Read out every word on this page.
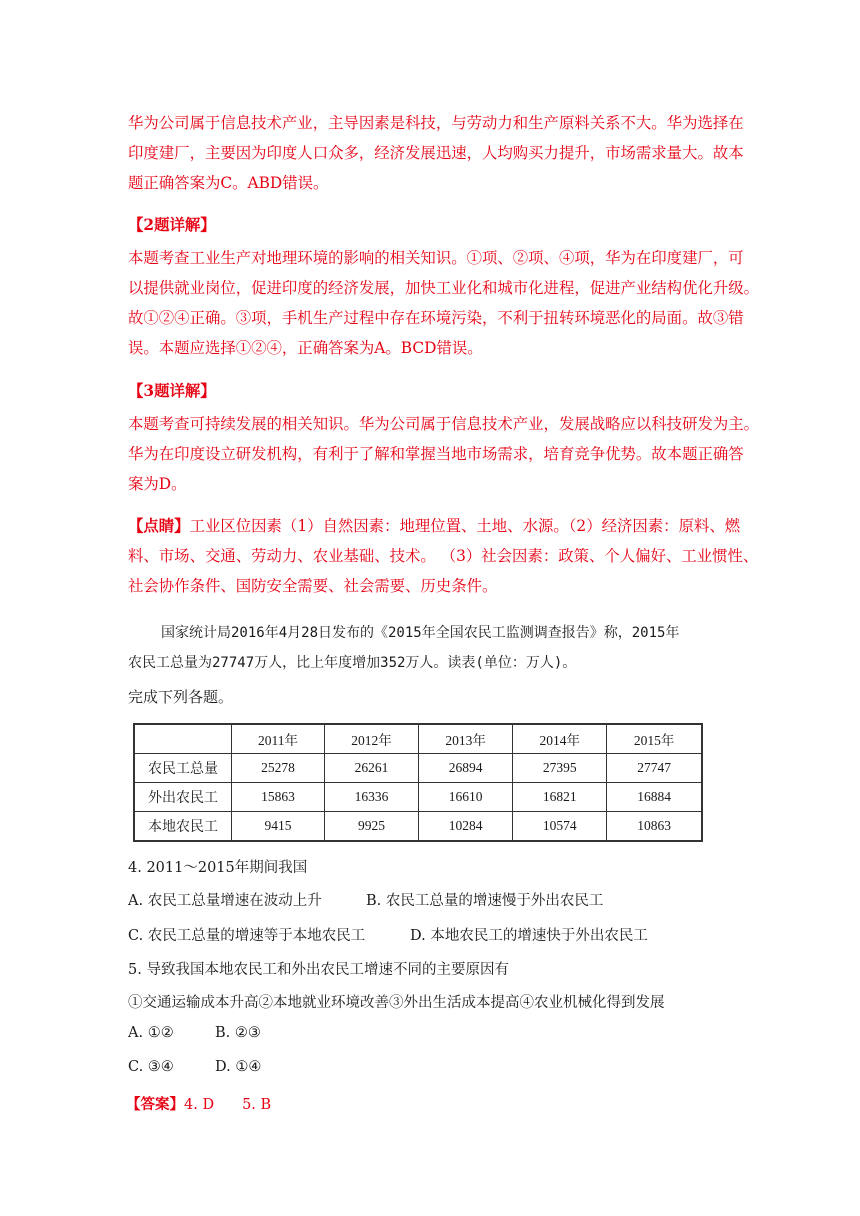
华为公司属于信息技术产业，主导因素是科技，与劳动力和生产原料关系不大。华为选择在
印度建厂，主要因为印度人口众多，经济发展迅速，人均购买力提升，市场需求量大。故本
题正确答案为C。ABD错误。
【2题详解】
本题考查工业生产对地理环境的影响的相关知识。①项、②项、④项，华为在印度建厂，可
以提供就业岗位，促进印度的经济发展，加快工业化和城市化进程，促进产业结构优化升级。
故①②④正确。③项，手机生产过程中存在环境污染，不利于扭转环境恶化的局面。故③错
误。本题应选择①②④，正确答案为A。BCD错误。
【3题详解】
本题考查可持续发展的相关知识。华为公司属于信息技术产业，发展战略应以科技研发为主。
华为在印度设立研发机构，有利于了解和掌握当地市场需求，培育竞争优势。故本题正确答
案为D。
【点睛】工业区位因素（1）自然因素：地理位置、土地、水源。（2）经济因素：原料、燃
料、市场、交通、劳动力、农业基础、技术。 （3）社会因素：政策、个人偏好、工业惯性、
社会协作条件、国防安全需要、社会需要、历史条件。
国家统计局2016年4月28日发布的《2015年全国农民工监测调查报告》称，2015年
农民工总量为27747万人，比上年度增加352万人。读表(单位：万人)。
完成下列各题。
	2011年	2012年	2013年	2014年	2015年
农民工总量	25278	26261	26894	27395	27747
外出农民工	15863	16336	16610	16821	16884
本地农民工	9415	9925	10284	10574	10863
4. 2011～2015年期间我国
A. 农民工总量增速在波动上升	B. 农民工总量的增速慢于外出农民工
C. 农民工总量的增速等于本地农民工	D. 本地农民工的增速快于外出农民工
5. 导致我国本地农民工和外出农民工增速不同的主要原因有
①交通运输成本升高②本地就业环境改善③外出生活成本提高④农业机械化得到发展
A. ①②	B. ②③
C. ③④	D. ①④
【答案】4. D 5. B
